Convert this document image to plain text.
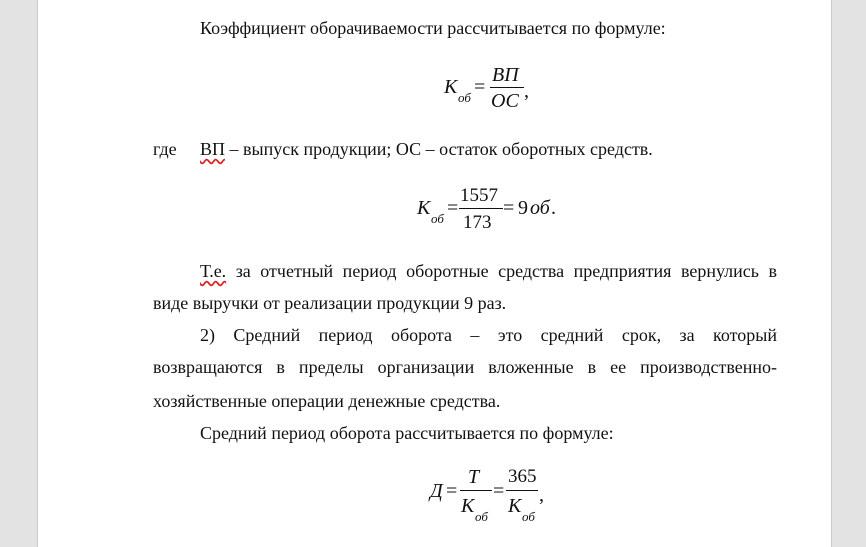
Коэффициент оборачиваемости рассчитывается по формуле:
K об =
ВП
ОС ,
где ВП – выпуск продукции; ОС – остаток оборотных средств.
K об =
1557
173
= 9 об .
Т.е. за отчетный период оборотные средства предприятия вернулись в
виде выручки от реализации продукции 9 раз.
2) Средний период оборота – это средний срок, за который
возвращаются в пределы организации вложенные в ее производственно-
хозяйственные операции денежные средства.
Средний период оборота рассчитывается по формуле:
Д =
T
K об
=
365
K об
,
